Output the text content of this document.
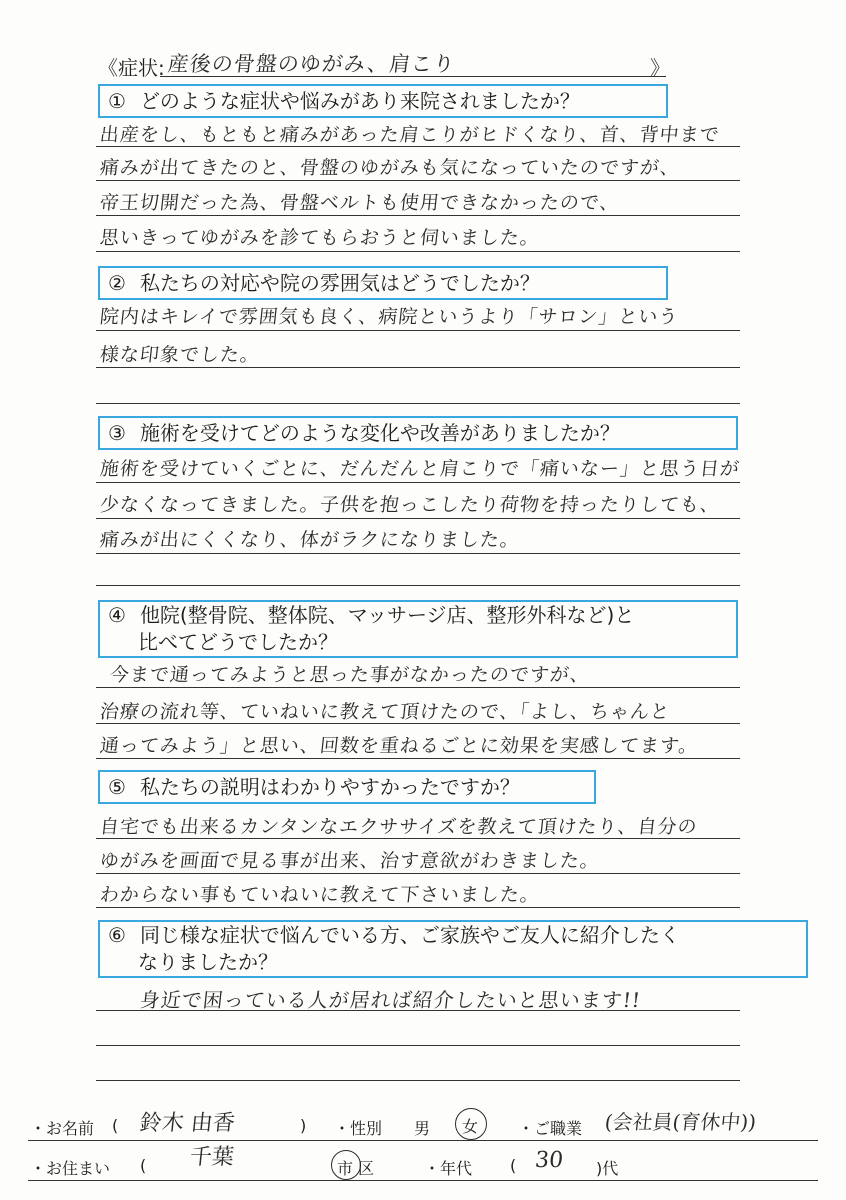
《症状: 産後の骨盤のゆがみ、肩こり	》
① どのような症状や悩みがあり来院されましたか？
出産をし、もともと痛みがあった肩こりがヒドくなり、首、背中まで
痛みが出てきたのと、骨盤のゆがみも気になっていたのですが、
帝王切開だった為、骨盤ベルトも使用できなかったので、
思いきってゆがみを診てもらおうと伺いました。
② 私たちの対応や院の雰囲気はどうでしたか？
院内はキレイで雰囲気も良く、病院というより「サロン」という
様な印象でした。
③ 施術を受けてどのような変化や改善がありましたか？
施術を受けていくごとに、だんだんと肩こりで「痛いなー」と思う日が
少なくなってきました。子供を抱っこしたり荷物を持ったりしても、
痛みが出にくくなり、体がラクになりました。
④ 他院(整骨院、整体院、マッサージ店、整形外科など)と
比べてどうでしたか？
今まで通ってみようと思った事がなかったのですが、
治療の流れ等、ていねいに教えて頂けたので、「よし、ちゃんと
通ってみよう」と思い、回数を重ねるごとに効果を実感してます。
⑤ 私たちの説明はわかりやすかったですか？
自宅でも出来るカンタンなエクササイズを教えて頂けたり、自分の
ゆがみを画面で見る事が出来、治す意欲がわきました。
わからない事もていねいに教えて下さいました。
⑥ 同じ様な症状で悩んでいる方、ご家族やご友人に紹介したく
なりましたか？
身近で困っている人が居れば紹介したいと思います!!
・お名前 ( 鈴木 由香	) ・性別 男 女 ・ご職業 (会社員(育休中))
・お住まい ( 千葉	市 区	・年代 ( 30 )代
